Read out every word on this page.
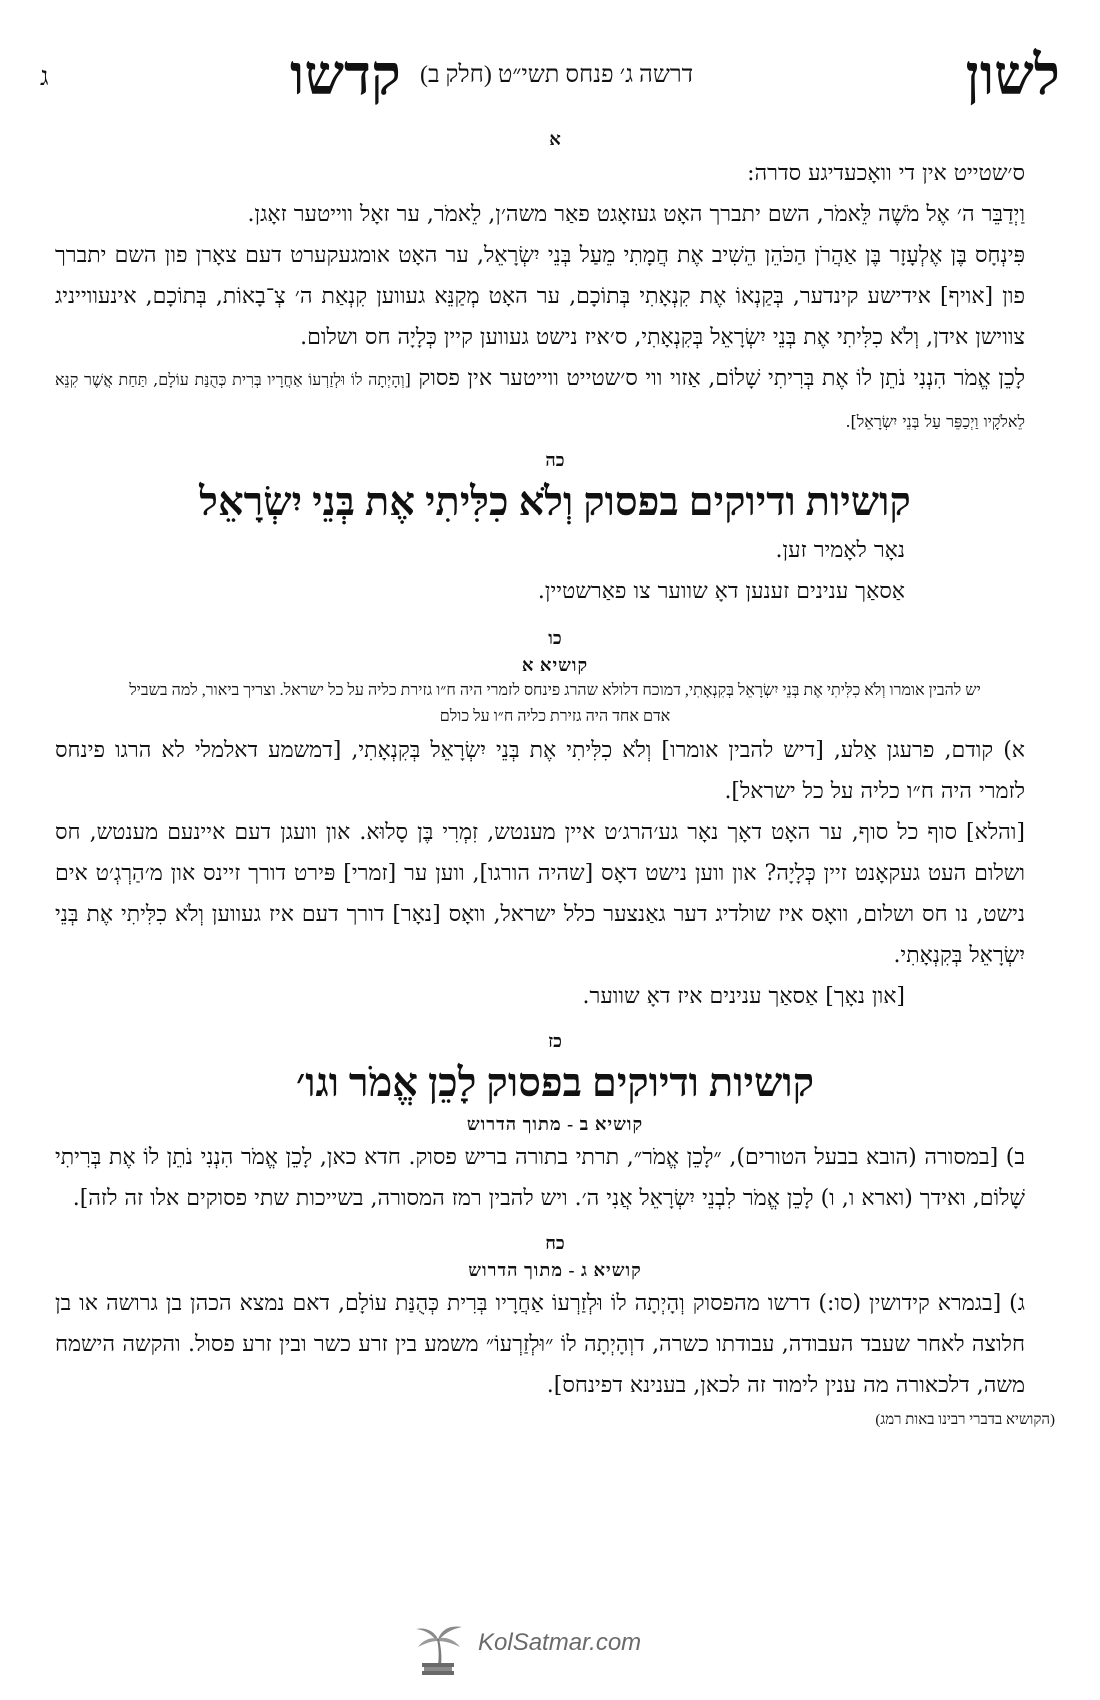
לשון
דרשה ג׳ פנחס תשי״ט (חלק ב)
קדשו
ג
א

ס׳שטייט אין די וואָכעדיגע סדרה:

וַיְדַבֵּר ה׳ אֶל מֹשֶׁה לֵּאמֹר, השם יתברך האָט געזאָגט פאַר משה׳ן, לֵאמֹר, ער זאָל ווייטער זאָגן.

פִּינְחָס בֶּן אֶלְעָזָר בֶּן אַהֲרֹן הַכֹּהֵן הֵשִׁיב אֶת חֲמָתִי מֵעַל בְּנֵי יִשְׂרָאֵל, ער האָט אומגעקערט דעם צאָרן פון השם יתברך פון [אויף] אידישע קינדער, בְּקַנְאוֹ אֶת קִנְאָתִי בְּתוֹכָם, ער האָט מְקַנֵּא געווען קִנְאַת ה׳ צְ־בָאוֹת, בְּתוֹכָם, אינעווייניג צווישן אידן, וְלֹא כִלִּיתִי אֶת בְּנֵי יִשְׂרָאֵל בְּקִנְאָתִי, ס׳איז נישט געווען קיין כְּלָיָה חס ושלום.

לָכֵן אֱמֹר הִנְנִי נֹתֵן לוֹ אֶת בְּרִיתִי שָׁלוֹם, אַזוי ווי ס׳שטייט ווייטער אין פסוק [וְהָיְתָה לוֹ וּלְזַרְעוֹ אַחֲרָיו בְּרִית כְּהֻנַּת עוֹלָם, תַּחַת אֲשֶׁר קִנֵּא לֵאלֹקָיו וַיְכַפֵּר עַל בְּנֵי יִשְׂרָאֵל].

כה
קושיות ודיוקים בפסוק וְלֹא כִלִּיתִי אֶת בְּנֵי יִשְׂרָאֵל

נאָר לאָמיר זען.

אַסאַך ענינים זענען דאָ שווער צו פאַרשטיין.

כו
קושיא א

יש להבין אומרו וְלֹא כִלִּיתִי אֶת בְּנֵי יִשְׂרָאֵל בְּקִנְאָתִי, דמוכח דלולא שהרג פינחס לזמרי היה ח״ו גזירת כליה על כל ישראל. וצריך ביאור, למה בשביל אדם אחד היה גזירת כליה ח״ו על כולם

א) קודם, פרעגן אַלע, [דיש להבין אומרו] וְלֹא כִלִּיתִי אֶת בְּנֵי יִשְׂרָאֵל בְּקִנְאָתִי, [דמשמע דאלמלי לא הרגו פינחס לזמרי היה ח״ו כליה על כל ישראל].

[והלא] סוף כל סוף, ער האָט דאָך נאָר גע׳הרג׳ט איין מענטש, זִמְרִי בֶּן סָלוּא. און וועגן דעם איינעם מענטש, חס ושלום העט געקאָנט זיין כְּלָיָה? און ווען נישט דאָס [שהיה הורגו], ווען ער [זמרי] פּירט דורך זיינס און מ׳הַרְגְ׳ט אים נישט, נו חס ושלום, וואָס איז שולדיג דער גאַנצער כלל ישראל, וואָס [נאָר] דורך דעם איז געווען וְלֹא כִלִּיתִי אֶת בְּנֵי יִשְׂרָאֵל בְּקִנְאָתִי.

[און נאָך] אַסאַך ענינים איז דאָ שווער.

כז
קושיות ודיוקים בפסוק לָכֵן אֱמֹר וגו׳
קושיא ב - מתוך הדרוש

ב) [במסורה (הובא בבעל הטורים), ״לָכֵן אֱמֹר״, תרתי בתורה בריש פסוק. חדא כאן, לָכֵן אֱמֹר הִנְנִי נֹתֵן לוֹ אֶת בְּרִיתִי שָׁלוֹם, ואידך (וארא ו, ו) לָכֵן אֱמֹר לִבְנֵי יִשְׂרָאֵל אֲנִי ה׳. ויש להבין רמז המסורה, בשייכות שתי פסוקים אלו זה לזה].

כח
קושיא ג - מתוך הדרוש

ג) [בגמרא קידושין (סו:) דרשו מהפסוק וְהָיְתָה לוֹ וּלְזַרְעוֹ אַחֲרָיו בְּרִית כְּהֻנַּת עוֹלָם, דאם נמצא הכהן בן גרושה או בן חלוצה לאחר שעבד העבודה, עבודתו כשרה, דוְהָיְתָה לוֹ ״וּלְזַרְעוֹ״ משמע בין זרע כשר ובין זרע פסול. והקשה הישמח משה, דלכאורה מה ענין לימוד זה לכאן, בענינא דפינחס].

(הקושיא בדברי רבינו באות רמג)

KolSatmar.com
